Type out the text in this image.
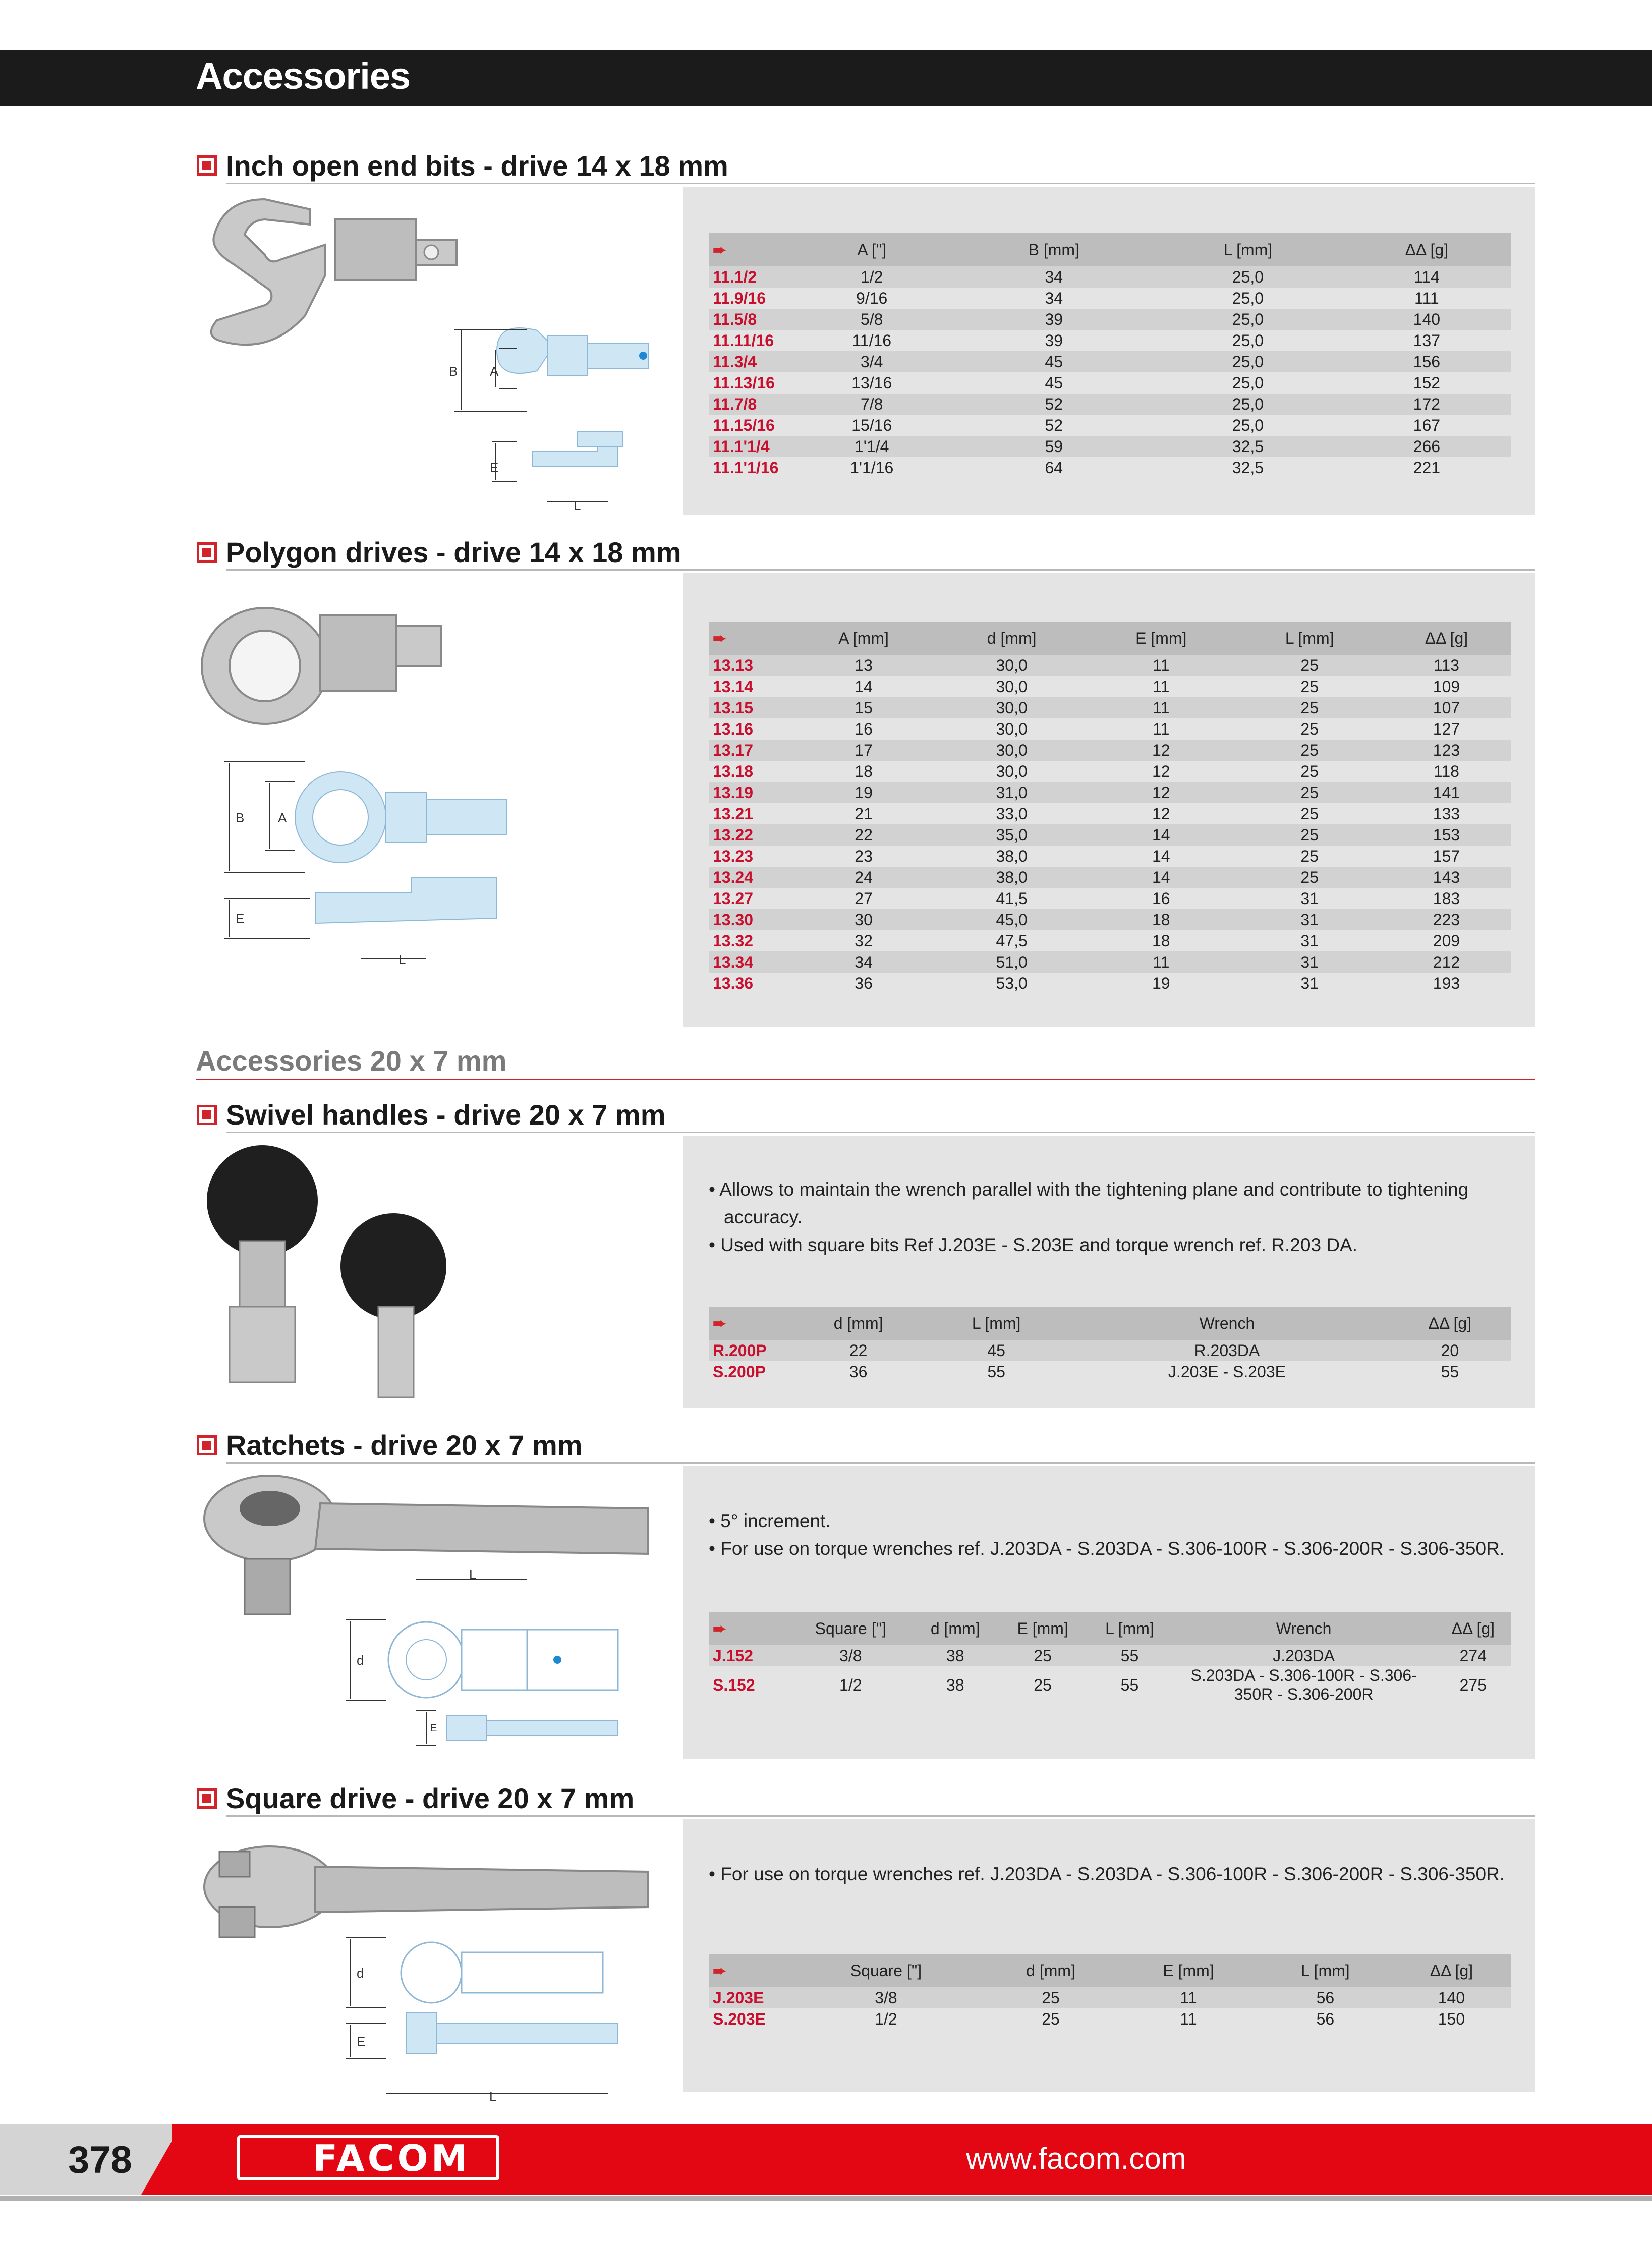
Accessories
Inch open end bits - drive 14 x 18 mm
B A
E
L
➨	A ["]	B [mm]	L [mm]	ΔΔ [g]
11.1/2	1/2	34	25,0	114
11.9/16	9/16	34	25,0	111
11.5/8	5/8	39	25,0	140
11.11/16	11/16	39	25,0	137
11.3/4	3/4	45	25,0	156
11.13/16	13/16	45	25,0	152
11.7/8	7/8	52	25,0	172
11.15/16	15/16	52	25,0	167
11.1'1/4	1'1/4	59	32,5	266
11.1'1/16	1'1/16	64	32,5	221
Polygon drives - drive 14 x 18 mm
B	A
E
L
➨	A [mm]	d [mm]	E [mm]	L [mm]	ΔΔ [g]
13.13	13	30,0	11	25	113
13.14	14	30,0	11	25	109
13.15	15	30,0	11	25	107
13.16	16	30,0	11	25	127
13.17	17	30,0	12	25	123
13.18	18	30,0	12	25	118
13.19	19	31,0	12	25	141
13.21	21	33,0	12	25	133
13.22	22	35,0	14	25	153
13.23	23	38,0	14	25	157
13.24	24	38,0	14	25	143
13.27	27	41,5	16	31	183
13.30	30	45,0	18	31	223
13.32	32	47,5	18	31	209
13.34	34	51,0	11	31	212
13.36	36	53,0	19	31	193
Accessories 20 x 7 mm
Swivel handles - drive 20 x 7 mm
• Allows to maintain the wrench parallel with the tightening plane and contribute to tightening accuracy.
• Used with square bits Ref J.203E - S.203E and torque wrench ref. R.203 DA.
➨	d [mm]	L [mm]	Wrench	ΔΔ [g]
R.200P	22	45	R.203DA	20
S.200P	36	55	J.203E - S.203E	55
Ratchets - drive 20 x 7 mm
L
d
E
• 5° increment.
• For use on torque wrenches ref. J.203DA - S.203DA - S.306-100R - S.306-200R - S.306-350R.
➨	Square ["]	d [mm]	E [mm]	L [mm]	Wrench	ΔΔ [g]
J.152	3/8	38	25	55	J.203DA	274
S.152	1/2	38	25	55	S.203DA - S.306-100R - S.306-350R - S.306-200R	275
Square drive - drive 20 x 7 mm
d
E
L
• For use on torque wrenches ref. J.203DA - S.203DA - S.306-100R - S.306-200R - S.306-350R.
➨	Square ["]	d [mm]	E [mm]	L [mm]	ΔΔ [g]
J.203E	3/8	25	11	56	140
S.203E	1/2	25	11	56	150
378	FACOM	www.facom.com
